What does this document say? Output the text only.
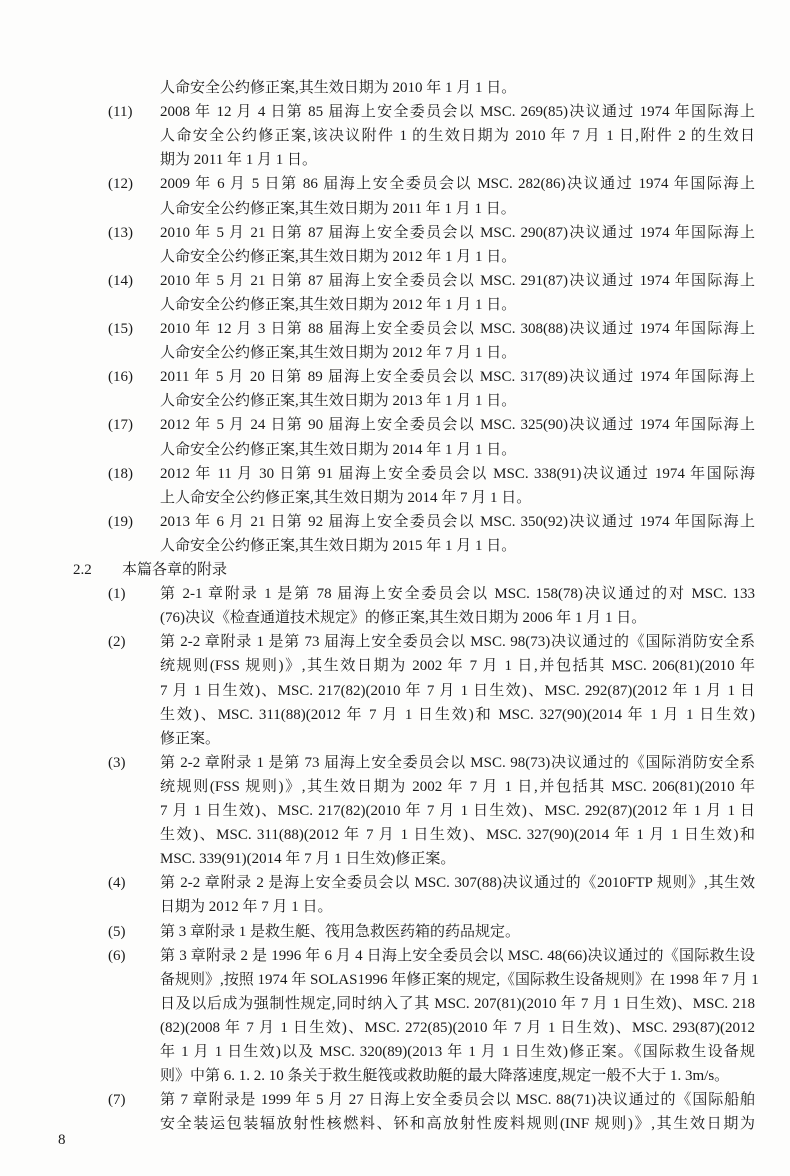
人命安全公约修正案,其生效日期为 2010 年 1 月 1 日。
(11)	2008 年 12 月 4 日第 85 届海上安全委员会以 MSC. 269(85)决议通过 1974 年国际海上
人命安全公约修正案,该决议附件 1 的生效日期为 2010 年 7 月 1 日,附件 2 的生效日
期为 2011 年 1 月 1 日。
(12)	2009 年 6 月 5 日第 86 届海上安全委员会以 MSC. 282(86)决议通过 1974 年国际海上
人命安全公约修正案,其生效日期为 2011 年 1 月 1 日。
(13)	2010 年 5 月 21 日第 87 届海上安全委员会以 MSC. 290(87)决议通过 1974 年国际海上
人命安全公约修正案,其生效日期为 2012 年 1 月 1 日。
(14)	2010 年 5 月 21 日第 87 届海上安全委员会以 MSC. 291(87)决议通过 1974 年国际海上
人命安全公约修正案,其生效日期为 2012 年 1 月 1 日。
(15)	2010 年 12 月 3 日第 88 届海上安全委员会以 MSC. 308(88)决议通过 1974 年国际海上
人命安全公约修正案,其生效日期为 2012 年 7 月 1 日。
(16)	2011 年 5 月 20 日第 89 届海上安全委员会以 MSC. 317(89)决议通过 1974 年国际海上
人命安全公约修正案,其生效日期为 2013 年 1 月 1 日。
(17)	2012 年 5 月 24 日第 90 届海上安全委员会以 MSC. 325(90)决议通过 1974 年国际海上
人命安全公约修正案,其生效日期为 2014 年 1 月 1 日。
(18)	2012 年 11 月 30 日第 91 届海上安全委员会以 MSC. 338(91)决议通过 1974 年国际海
上人命安全公约修正案,其生效日期为 2014 年 7 月 1 日。
(19)	2013 年 6 月 21 日第 92 届海上安全委员会以 MSC. 350(92)决议通过 1974 年国际海上
人命安全公约修正案,其生效日期为 2015 年 1 月 1 日。
2.2 本篇各章的附录
(1)	第 2-1 章附录 1 是第 78 届海上安全委员会以 MSC. 158(78)决议通过的对 MSC. 133
(76)决议《检查通道技术规定》的修正案,其生效日期为 2006 年 1 月 1 日。
(2)	第 2-2 章附录 1 是第 73 届海上安全委员会以 MSC. 98(73)决议通过的《国际消防安全系
统规则(FSS 规则)》,其生效日期为 2002 年 7 月 1 日,并包括其 MSC. 206(81)(2010 年
7 月 1 日生效)、MSC. 217(82)(2010 年 7 月 1 日生效)、MSC. 292(87)(2012 年 1 月 1 日
生效)、MSC. 311(88)(2012 年 7 月 1 日生效)和 MSC. 327(90)(2014 年 1 月 1 日生效)
修正案。
(3)	第 2-2 章附录 1 是第 73 届海上安全委员会以 MSC. 98(73)决议通过的《国际消防安全系
统规则(FSS 规则)》,其生效日期为 2002 年 7 月 1 日,并包括其 MSC. 206(81)(2010 年
7 月 1 日生效)、MSC. 217(82)(2010 年 7 月 1 日生效)、MSC. 292(87)(2012 年 1 月 1 日
生效)、MSC. 311(88)(2012 年 7 月 1 日生效)、MSC. 327(90)(2014 年 1 月 1 日生效)和
MSC. 339(91)(2014 年 7 月 1 日生效)修正案。
(4)	第 2-2 章附录 2 是海上安全委员会以 MSC. 307(88)决议通过的《2010FTP 规则》,其生效
日期为 2012 年 7 月 1 日。
(5)	第 3 章附录 1 是救生艇、筏用急救医药箱的药品规定。
(6)	第 3 章附录 2 是 1996 年 6 月 4 日海上安全委员会以 MSC. 48(66)决议通过的《国际救生设
备规则》,按照 1974 年 SOLAS1996 年修正案的规定,《国际救生设备规则》在 1998 年 7 月 1
日及以后成为强制性规定,同时纳入了其 MSC. 207(81)(2010 年 7 月 1 日生效)、MSC. 218
(82)(2008 年 7 月 1 日生效)、MSC. 272(85)(2010 年 7 月 1 日生效)、MSC. 293(87)(2012
年 1 月 1 日生效)以及 MSC. 320(89)(2013 年 1 月 1 日生效)修正案。《国际救生设备规
则》中第 6. 1. 2. 10 条关于救生艇筏或救助艇的最大降落速度,规定一般不大于 1. 3m/s。
(7)	第 7 章附录是 1999 年 5 月 27 日海上安全委员会以 MSC. 88(71)决议通过的《国际船舶
安全装运包装辐放射性核燃料、钚和高放射性废料规则(INF 规则)》,其生效日期为
8
